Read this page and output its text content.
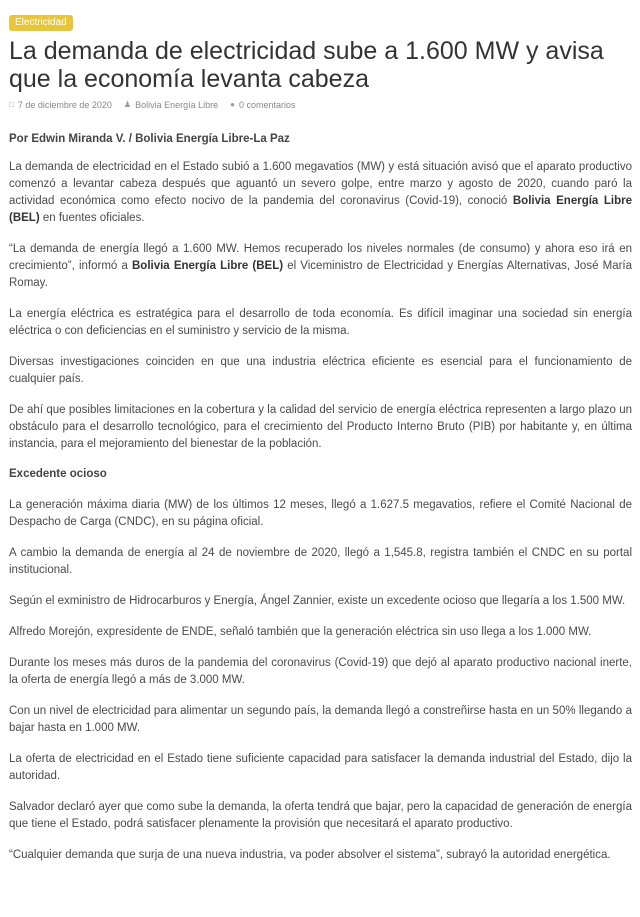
Electricidad
La demanda de electricidad sube a 1.600 MW y avisa que la economía levanta cabeza
□ 7 de diciembre de 2020 ♟ Bolivia Energía Libre ● 0 comentarios
Por Edwin Miranda V. / Bolivia Energía Libre-La Paz

La demanda de electricidad en el Estado subió a 1.600 megavatios (MW) y está situación avisó que el aparato productivo comenzó a levantar cabeza después que aguantó un severo golpe, entre marzo y agosto de 2020, cuando paró la actividad económica como efecto nocivo de la pandemia del coronavirus (Covid-19), conoció Bolivia Energía Libre (BEL) en fuentes oficiales.

“La demanda de energía llegó a 1.600 MW. Hemos recuperado los niveles normales (de consumo) y ahora eso irá en crecimiento”, informó a Bolivia Energía Libre (BEL) el Viceministro de Electricidad y Energías Alternativas, José María Romay.

La energía eléctrica es estratégica para el desarrollo de toda economía. Es difícil imaginar una sociedad sin energía eléctrica o con deficiencias en el suministro y servicio de la misma.

Diversas investigaciones coinciden en que una industria eléctrica eficiente es esencial para el funcionamiento de cualquier país.

De ahí que posibles limitaciones en la cobertura y la calidad del servicio de energía eléctrica representen a largo plazo un obstáculo para el desarrollo tecnológico, para el crecimiento del Producto Interno Bruto (PIB) por habitante y, en última instancia, para el mejoramiento del bienestar de la población.

Excedente ocioso

La generación máxima diaria (MW) de los últimos 12 meses, llegó a 1.627.5 megavatios, refiere el Comité Nacional de Despacho de Carga (CNDC), en su página oficial.

A cambio la demanda de energía al 24 de noviembre de 2020, llegó a 1,545.8, registra también el CNDC en su portal institucional.

Según el exministro de Hidrocarburos y Energía, Ángel Zannier, existe un excedente ocioso que llegaría a los 1.500 MW.

Alfredo Morejón, expresidente de ENDE, señaló también que la generación eléctrica sin uso llega a los 1.000 MW.

Durante los meses más duros de la pandemia del coronavirus (Covid-19) que dejó al aparato productivo nacional inerte, la oferta de energía llegó a más de 3.000 MW.

Con un nivel de electricidad para alimentar un segundo país, la demanda llegó a constreñirse hasta en un 50% llegando a bajar hasta en 1.000 MW.

La oferta de electricidad en el Estado tiene suficiente capacidad para satisfacer la demanda industrial del Estado, dijo la autoridad.

Salvador declaró ayer que como sube la demanda, la oferta tendrá que bajar, pero la capacidad de generación de energía que tiene el Estado, podrá satisfacer plenamente la provisión que necesitará el aparato productivo.

“Cualquier demanda que surja de una nueva industria, va poder absolver el sistema”, subrayó la autoridad energética.
